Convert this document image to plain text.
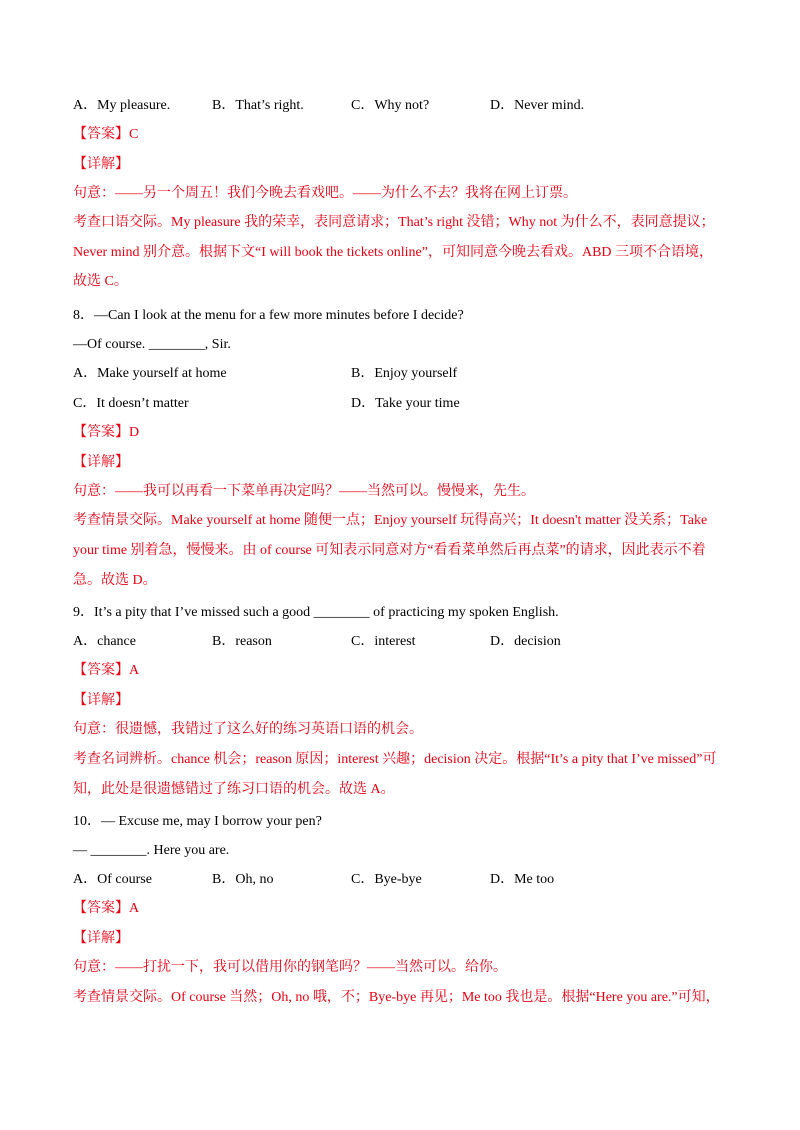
A．My pleasure.	B．That’s right.	C．Why not?	D．Never mind.
【答案】C
【详解】
句意：——另一个周五！我们今晚去看戏吧。——为什么不去？我将在网上订票。
考查口语交际。My pleasure 我的荣幸，表同意请求；That’s right 没错；Why not 为什么不，表同意提议；
Never mind 别介意。根据下文“I will book the tickets online”，可知同意今晚去看戏。ABD 三项不合语境，
故选 C。
8．—Can I look at the menu for a few more minutes before I decide?
—Of course. ________, Sir.
A．Make yourself at home	B．Enjoy yourself
C．It doesn’t matter	D．Take your time
【答案】D
【详解】
句意：——我可以再看一下菜单再决定吗？——当然可以。慢慢来，先生。
考查情景交际。Make yourself at home 随便一点；Enjoy yourself 玩得高兴；It doesn't matter 没关系；Take
your time 别着急，慢慢来。由 of course 可知表示同意对方“看看菜单然后再点菜”的请求，因此表示不着
急。故选 D。
9．It’s a pity that I’ve missed such a good ________ of practicing my spoken English.
A．chance	B．reason	C．interest	D．decision
【答案】A
【详解】
句意：很遗憾，我错过了这么好的练习英语口语的机会。
考查名词辨析。chance 机会；reason 原因；interest 兴趣；decision 决定。根据“It’s a pity that I’ve missed”可
知，此处是很遗憾错过了练习口语的机会。故选 A。
10．— Excuse me, may I borrow your pen?
— ________. Here you are.
A．Of course	B．Oh, no	C．Bye-bye	D．Me too
【答案】A
【详解】
句意：——打扰一下，我可以借用你的钢笔吗？——当然可以。给你。
考查情景交际。Of course 当然；Oh, no 哦，不；Bye-bye 再见；Me too 我也是。根据“Here you are.”可知，
